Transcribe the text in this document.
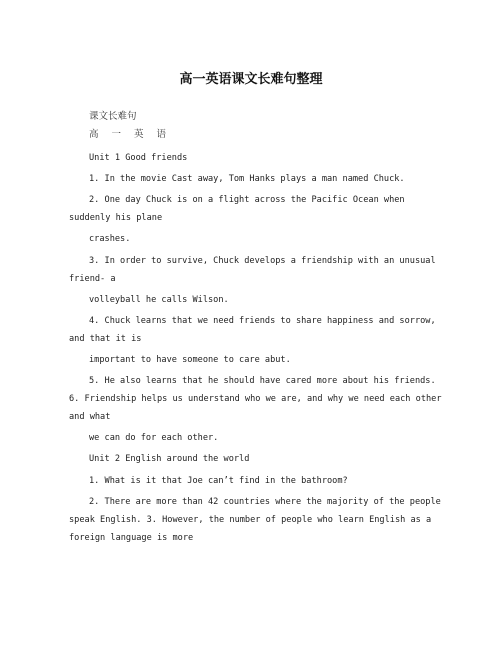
高一英语课文长难句整理
课文长难句
高 一 英 语
Unit 1 Good friends
1. In the movie Cast away, Tom Hanks plays a man named Chuck.
2. One day Chuck is on a flight across the Pacific Ocean when
suddenly his plane
crashes.
3. In order to survive, Chuck develops a friendship with an unusual
friend- a
volleyball he calls Wilson.
4. Chuck learns that we need friends to share happiness and sorrow,
and that it is
important to have someone to care abut.
5. He also learns that he should have cared more about his friends.
6. Friendship helps us understand who we are, and why we need each other
and what
we can do for each other.
Unit 2 English around the world
1. What is it that Joe can’t find in the bathroom?
2. There are more than 42 countries where the majority of the people
speak English. 3. However, the number of people who learn English as a
foreign language is more
